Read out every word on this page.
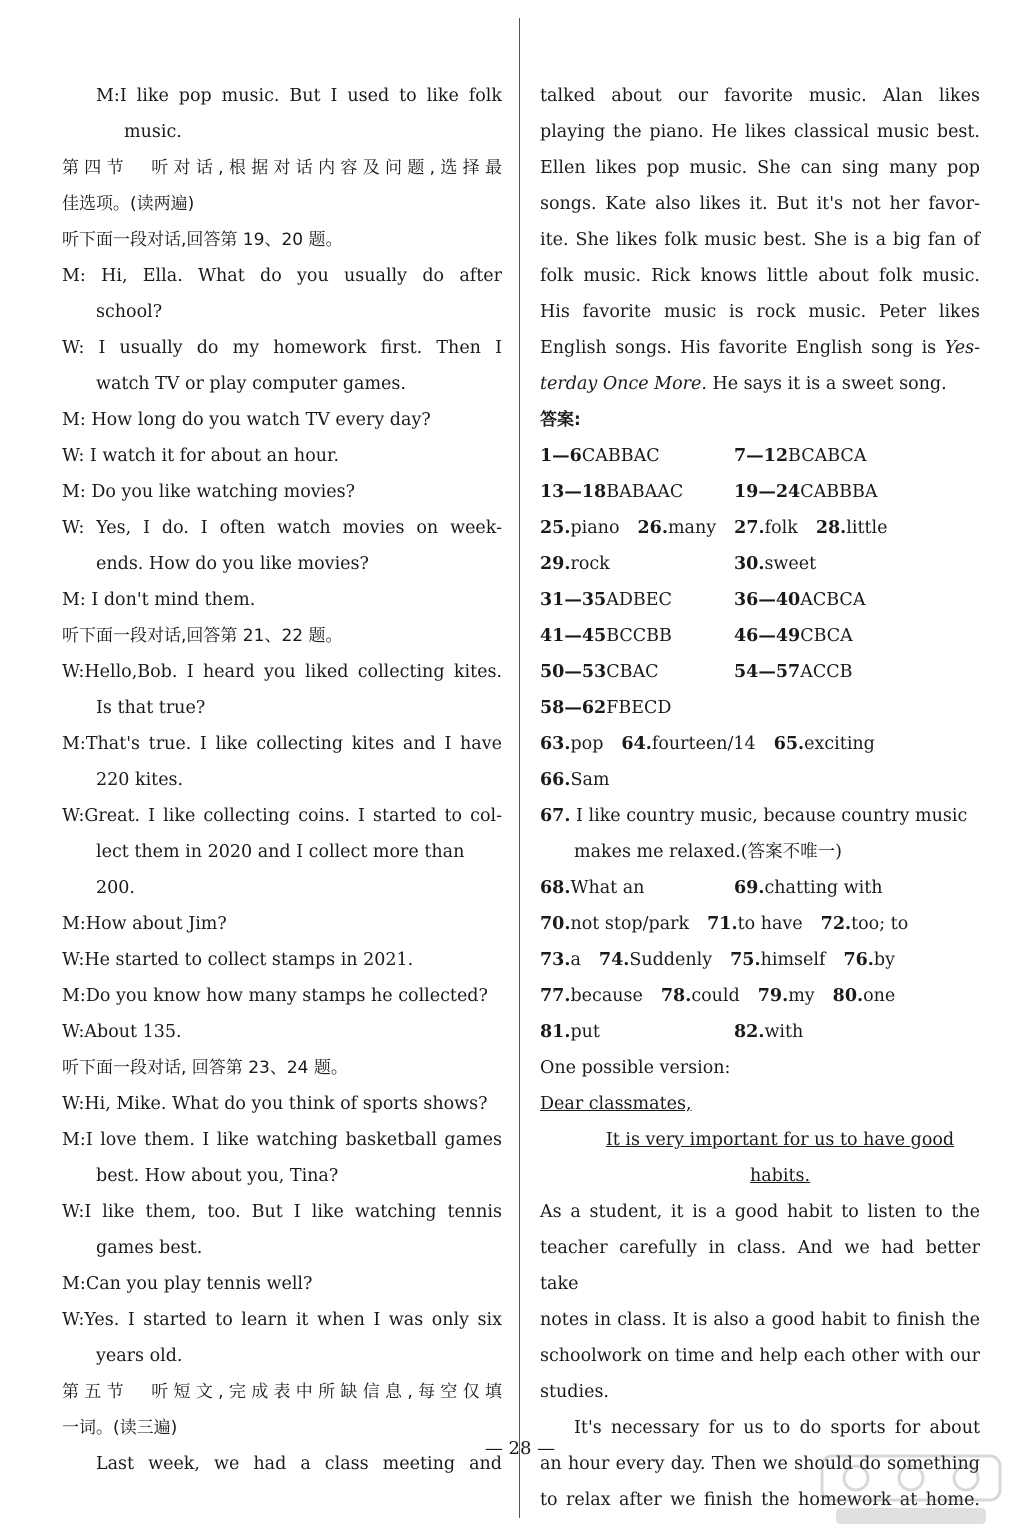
M:I like pop music. But I used to like folk

music.

第四节　听对话,根据对话内容及问题,选择最

佳选项。(读两遍)

听下面一段对话,回答第 19、20 题。

M: Hi, Ella. What do you usually do after

school?

W: I usually do my homework first. Then I

watch TV or play computer games.

M: How long do you watch TV every day?

W: I watch it for about an hour.

M: Do you like watching movies?

W: Yes, I do. I often watch movies on week-

ends. How do you like movies?

M: I don't mind them.

听下面一段对话,回答第 21、22 题。

W:Hello,Bob. I heard you liked collecting kites.

Is that true?

M:That's true. I like collecting kites and I have

220 kites.

W:Great. I like collecting coins. I started to col-

lect them in 2020 and I collect more than 200.

M:How about Jim?

W:He started to collect stamps in 2021.

M:Do you know how many stamps he collected?

W:About 135.

听下面一段对话, 回答第 23、24 题。

W:Hi, Mike. What do you think of sports shows?

M:I love them. I like watching basketball games

best. How about you, Tina?

W:I like them, too. But I like watching tennis

games best.

M:Can you play tennis well?

W:Yes. I started to learn it when I was only six

years old.

第五节　听短文,完成表中所缺信息,每空仅填

一词。(读三遍)

Last week, we had a class meeting and

talked about our favorite music. Alan likes

playing the piano. He likes classical music best.

Ellen likes pop music. She can sing many pop

songs. Kate also likes it. But it's not her favor-

ite. She likes folk music best. She is a big fan of

folk music. Rick knows little about folk music.

His favorite music is rock music. Peter likes

English songs. His favorite English song is Yes-

terday Once More. He says it is a sweet song.

答案:

1—6CABBAC	7—12BCABCA

13—18BABAAC	19—24CABBBA

25.piano 26.many 27.folk 28.little

29.rock	30.sweet

31—35ADBEC	36—40ACBCA

41—45BCCBB	46—49CBCA

50—53CBAC	54—57ACCB

58—62FBECD

63.pop 64.fourteen/14 65.exciting

66.Sam

67. I like country music, because country music

makes me relaxed.(答案不唯一)

68.What an	69.chatting with

70.not stop/park 71.to have 72.too; to

73.a 74.Suddenly 75.himself 76.by

77.because 78.could 79.my 80.one

81.put	82.with

One possible version:

Dear classmates,

It is very important for us to have good habits.

As a student, it is a good habit to listen to the

teacher carefully in class. And we had better take

notes in class. It is also a good habit to finish the

schoolwork on time and help each other with our

studies.

It's necessary for us to do sports for about

an hour every day. Then we should do something

to relax after we finish the homework at home.

— 28 —
